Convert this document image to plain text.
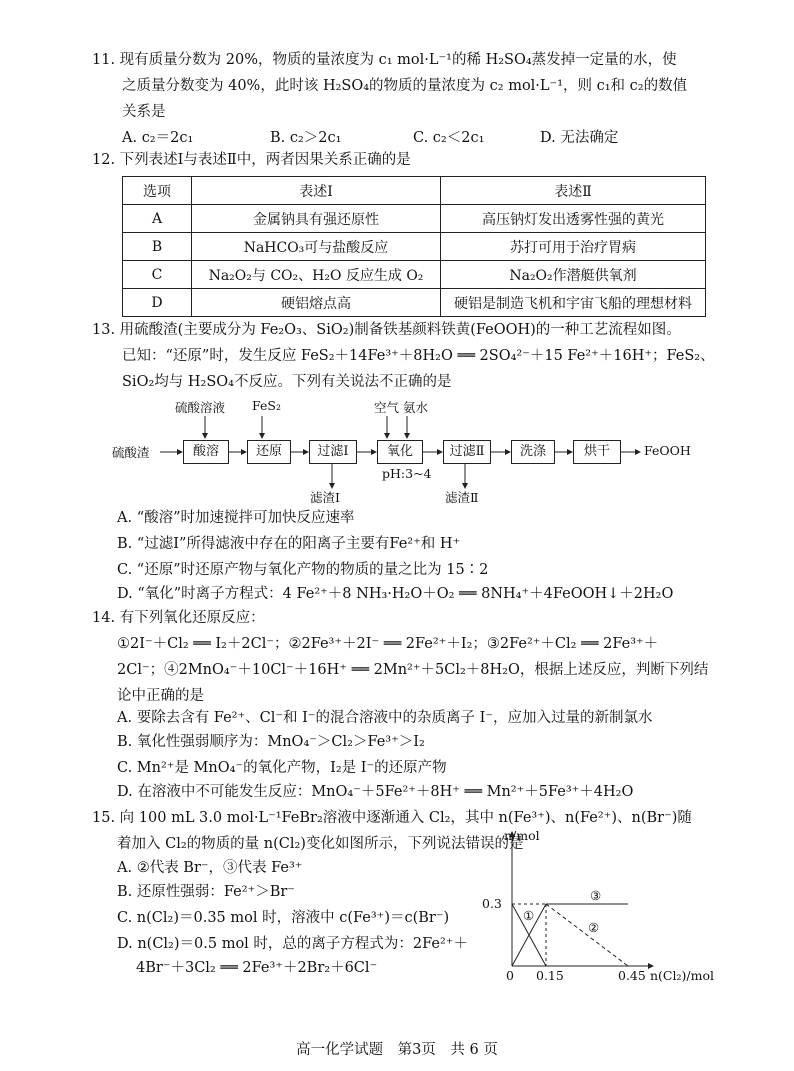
11. 现有质量分数为 20%，物质的量浓度为 c₁ mol·L⁻¹的稀 H₂SO₄蒸发掉一定量的水，使
之质量分数变为 40%，此时该 H₂SO₄的物质的量浓度为 c₂ mol·L⁻¹，则 c₁和 c₂的数值
关系是
A. c₂＝2c₁	B. c₂＞2c₁	C. c₂＜2c₁	D. 无法确定
12. 下列表述Ⅰ与表述Ⅱ中，两者因果关系正确的是
选项	表述Ⅰ	表述Ⅱ
A	金属钠具有强还原性	高压钠灯发出透雾性强的黄光
B	NaHCO₃可与盐酸反应	苏打可用于治疗胃病
C	Na₂O₂与 CO₂、H₂O 反应生成 O₂	Na₂O₂作潜艇供氧剂
D	硬铝熔点高	硬铝是制造飞机和宇宙飞船的理想材料
13. 用硫酸渣(主要成分为 Fe₂O₃、SiO₂)制备铁基颜料铁黄(FeOOH)的一种工艺流程如图。
已知：“还原”时，发生反应 FeS₂＋14Fe³⁺＋8H₂O ══ 2SO₄²⁻＋15 Fe²⁺＋16H⁺；FeS₂、
SiO₂均与 H₂SO₄不反应。下列有关说法不正确的是
硫酸渣	酸溶	还原	过滤Ⅰ	氧化	过滤Ⅱ	洗涤	烘干	FeOOH
硫酸溶液 FeS₂	空气 氨水
pH:3~4
滤渣Ⅰ	滤渣Ⅱ
A. “酸溶”时加速搅拌可加快反应速率
B. “过滤Ⅰ”所得滤液中存在的阳离子主要有Fe²⁺和 H⁺
C. “还原”时还原产物与氧化产物的物质的量之比为 15∶2
D. “氧化”时离子方程式：4 Fe²⁺＋8 NH₃·H₂O＋O₂ ══ 8NH₄⁺＋4FeOOH↓＋2H₂O
14. 有下列氧化还原反应：
①2I⁻＋Cl₂ ══ I₂＋2Cl⁻；②2Fe³⁺＋2I⁻ ══ 2Fe²⁺＋I₂；③2Fe²⁺＋Cl₂ ══ 2Fe³⁺＋
2Cl⁻；④2MnO₄⁻＋10Cl⁻＋16H⁺ ══ 2Mn²⁺＋5Cl₂＋8H₂O，根据上述反应，判断下列结
论中正确的是
A. 要除去含有 Fe²⁺、Cl⁻和 I⁻的混合溶液中的杂质离子 I⁻，应加入过量的新制氯水
B. 氧化性强弱顺序为：MnO₄⁻＞Cl₂＞Fe³⁺＞I₂
C. Mn²⁺是 MnO₄⁻的氧化产物，I₂是 I⁻的还原产物
D. 在溶液中不可能发生反应：MnO₄⁻＋5Fe²⁺＋8H⁺ ══ Mn²⁺＋5Fe³⁺＋4H₂O
15. 向 100 mL 3.0 mol·L⁻¹FeBr₂溶液中逐渐通入 Cl₂，其中 n(Fe³⁺)、n(Fe²⁺)、n(Br⁻)随
着加入 Cl₂的物质的量 n(Cl₂)变化如图所示，下列说法错误的是
A. ②代表 Br⁻，③代表 Fe³⁺
B. 还原性强弱：Fe²⁺＞Br⁻
C. n(Cl₂)＝0.35 mol 时，溶液中 c(Fe³⁺)＝c(Br⁻)
D. n(Cl₂)＝0.5 mol 时，总的离子方程式为：2Fe²⁺＋
4Br⁻＋3Cl₂ ══ 2Fe³⁺＋2Br₂＋6Cl⁻
n/mol
0.3
0 0.15	0.45 n(Cl₂)/mol
①
②
③
高一化学试题　第3页　共 6 页
